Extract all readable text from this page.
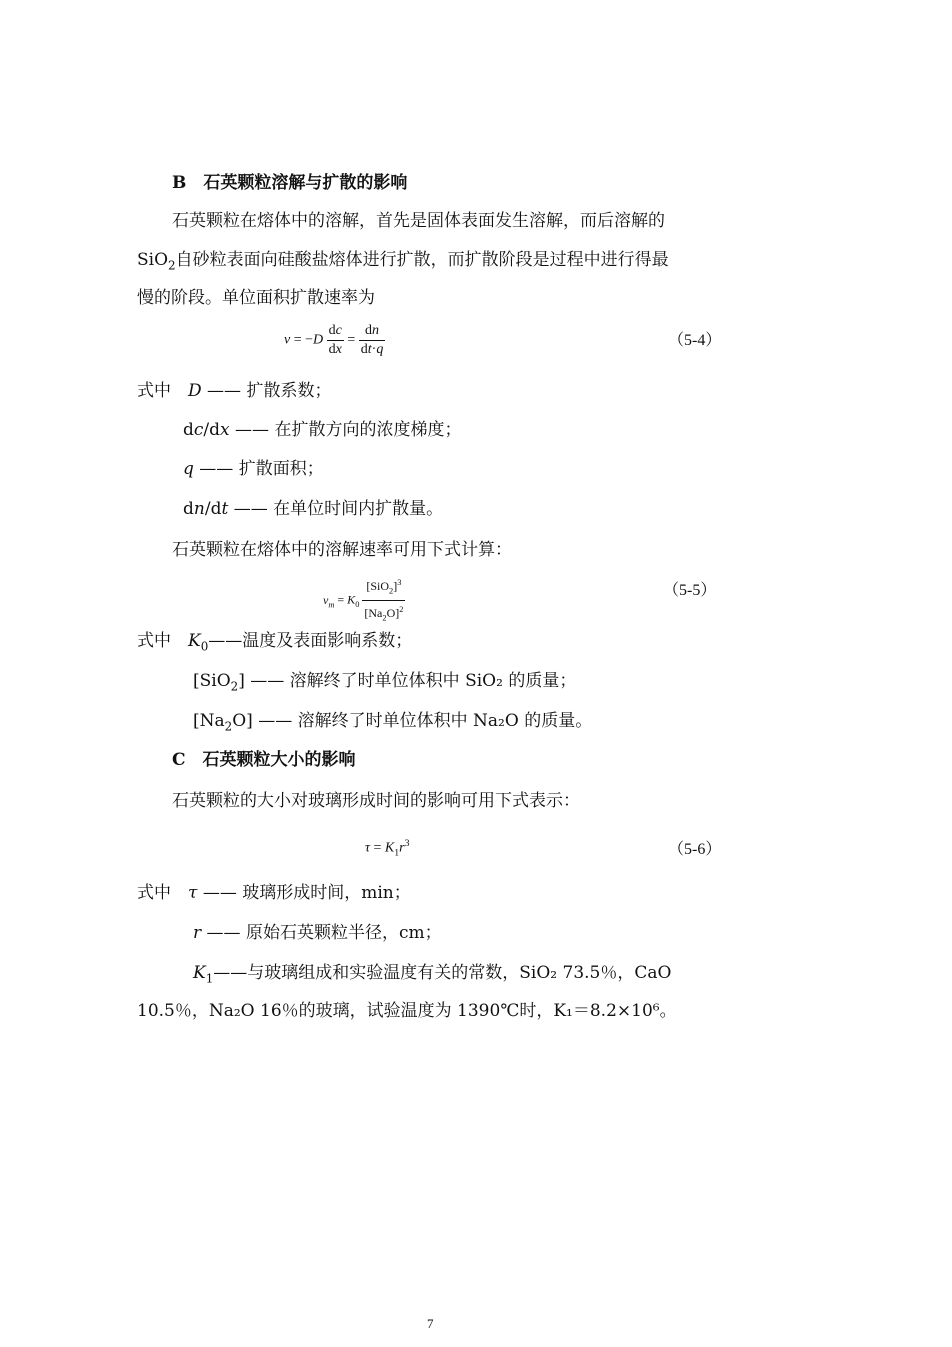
B　石英颗粒溶解与扩散的影响
石英颗粒在熔体中的溶解，首先是固体表面发生溶解，而后溶解的
SiO$_2$自砂粒表面向硅酸盐熔体进行扩散，而扩散阶段是过程中进行得最
慢的阶段。单位面积扩散速率为
$v = -D \frac{dc}{dx} = \frac{dn}{dt\cdot q}$	（5-4）
式中　 D —— 扩散系数；
dc/dx —— 在扩散方向的浓度梯度；
q —— 扩散面积；
dn/dt —— 在单位时间内扩散量。
石英颗粒在熔体中的溶解速率可用下式计算：
$v_m = K_0 \frac{[SiO_2]^3}{[Na_2O]^2}$	（5-5）
式中　 $K_0——$温度及表面影响系数；
[SiO$_2$] —— 溶解终了时单位体积中 SiO₂ 的质量；
$[Na_2O]$ —— 溶解终了时单位体积中 Na₂O 的质量。
C　石英颗粒大小的影响
石英颗粒的大小对玻璃形成时间的影响可用下式表示：
$\tau = K_1r^3$	（5-6）
式中　 τ —— 玻璃形成时间，min；
r —— 原始石英颗粒半径，cm；
$K_1——$与玻璃组成和实验温度有关的常数，SiO₂ 73.5％，CaO
10.5％，Na₂O 16％的玻璃，试验温度为 1390℃时，K₁＝8.2×10⁶。
7
